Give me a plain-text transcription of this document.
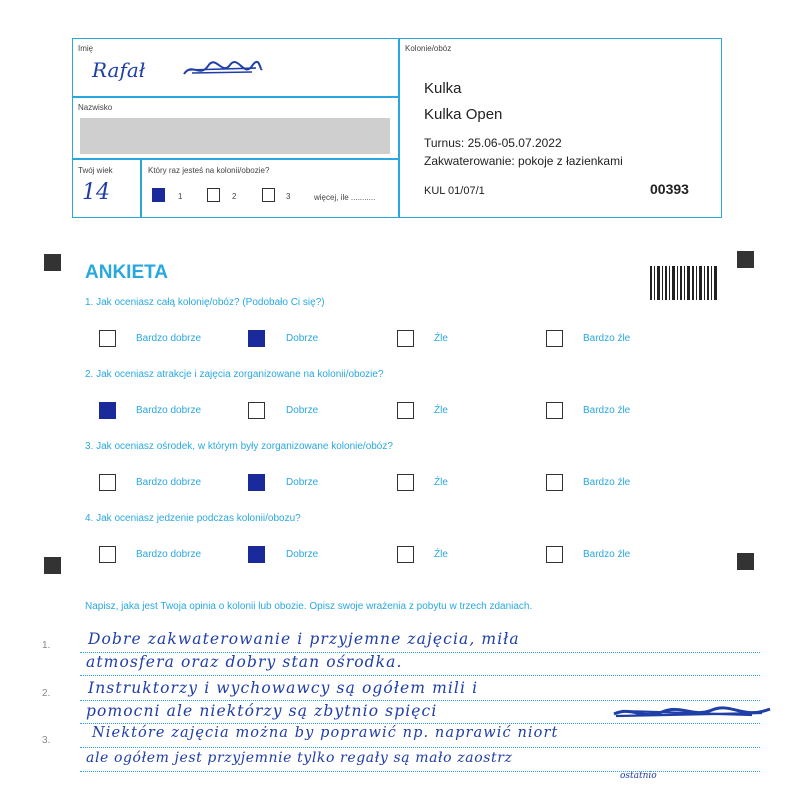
Imię
Rafał
Nazwisko
Twój wiek
14
Który raz jesteś na kolonii/obozie?
1	2	3	więcej, ile ...........
Kolonie/obóz
Kulka
Kulka Open
Turnus: 25.06-05.07.2022
Zakwaterowanie: pokoje z łazienkami
KUL 01/07/1	00393
ANKIETA
1. Jak oceniasz całą kolonię/obóz? (Podobało Ci się?)
Bardzo dobrze	Dobrze	Źle	Bardzo źle
2. Jak oceniasz atrakcje i zajęcia zorganizowane na kolonii/obozie?
Bardzo dobrze	Dobrze	Źle	Bardzo źle
3. Jak oceniasz ośrodek, w którym były zorganizowane kolonie/obóz?
Bardzo dobrze	Dobrze	Źle	Bardzo źle
4. Jak oceniasz jedzenie podczas kolonii/obozu?
Bardzo dobrze	Dobrze	Źle	Bardzo źle
Napisz, jaka jest Twoja opinia o kolonii lub obozie. Opisz swoje wrażenia z pobytu w trzech zdaniach.
1.
2.
3.
Dobre zakwaterowanie i przyjemne zajęcia, miła
atmosfera oraz dobry stan ośrodka.
Instruktorzy i wychowawcy są ogółem mili i
pomocni ale niektórzy są zbytnio spięci
Niektóre zajęcia można by poprawić np. naprawić niort
ale ogółem jest przyjemnie tylko regały są mało zaostrz
ostatnio
